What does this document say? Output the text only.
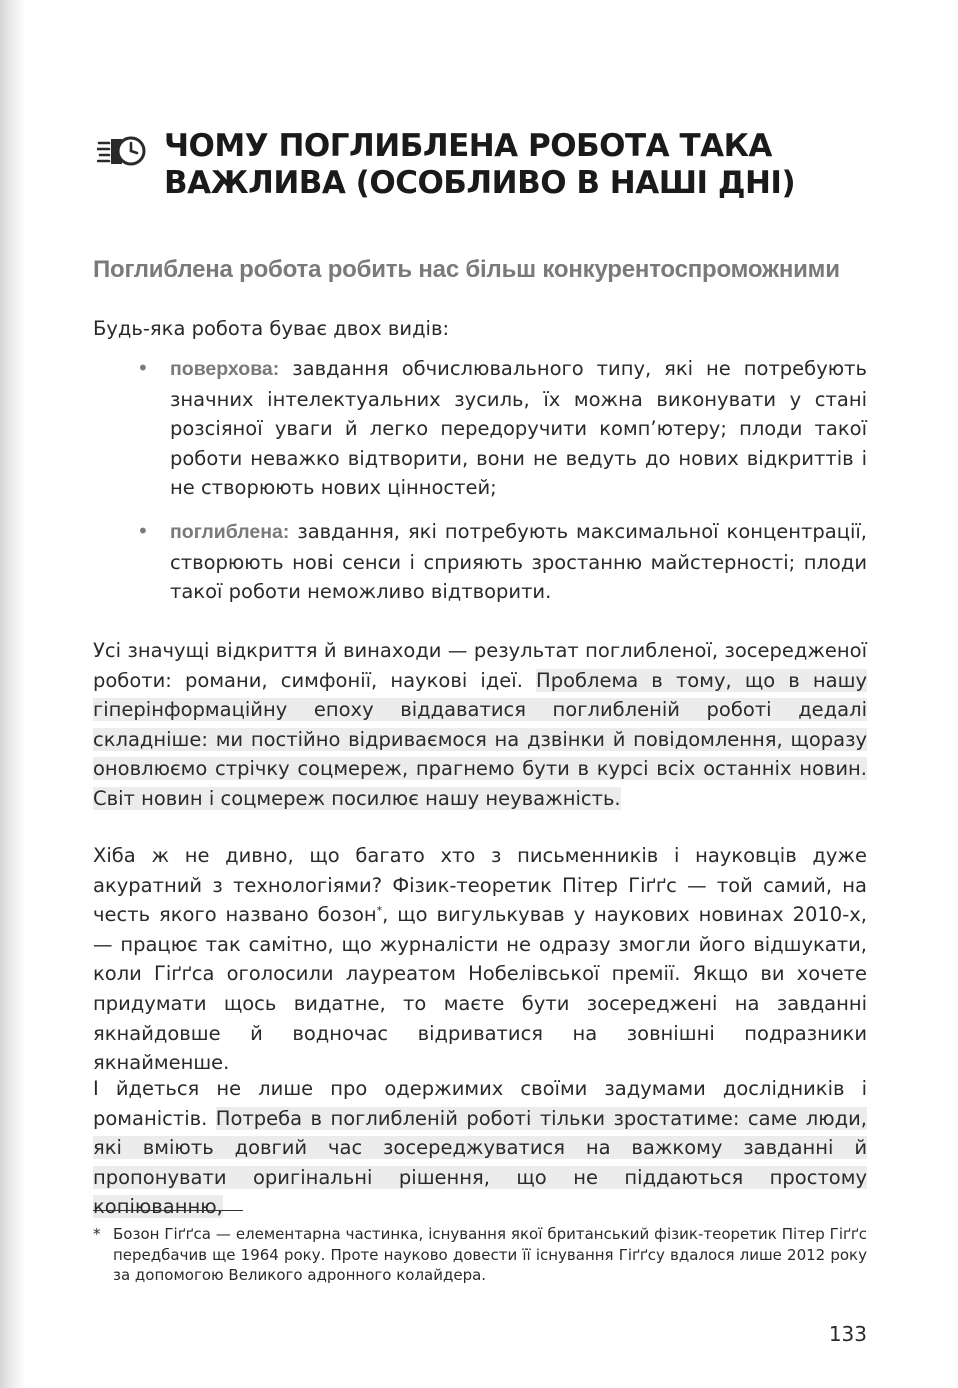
ЧОМУ ПОГЛИБЛЕНА РОБОТА ТАКА
ВАЖЛИВА (ОСОБЛИВО В НАШІ ДНІ)
Поглиблена робота робить нас більш конкурентоспроможними

Будь-яка робота буває двох видів:

• поверхова: завдання обчислювального типу, які не потребують значних інтелектуальних зусиль, їх можна виконувати у стані розсіяної уваги й легко передоручити комп’ютеру; плоди такої роботи неважко відтворити, вони не ведуть до нових відкриттів і не створюють нових цінностей;
• поглиблена: завдання, які потребують максимальної концентрації, створюють нові сенси і сприяють зростанню майстерності; плоди такої роботи неможливо відтворити.

Усі значущі відкриття й винаходи — результат поглибленої, зосередженої роботи: романи, симфонії, наукові ідеї. Проблема в тому, що в нашу гіперінформаційну епоху віддаватися поглибленій роботі дедалі складніше: ми постійно відриваємося на дзвінки й повідомлення, щоразу оновлюємо стрічку соцмереж, прагнемо бути в курсі всіх останніх новин. Світ новин і соцмереж посилює нашу неуважність.

Хіба ж не дивно, що багато хто з письменників і науковців дуже акуратний з технологіями? Фізик-теоретик Пітер Гіґґс — той самий, на честь якого названо бозон*, що вигулькував у наукових новинах 2010-х, — працює так самітно, що журналісти не одразу змогли його відшукати, коли Гіґґса оголосили лауреатом Нобелівської премії. Якщо ви хочете придумати щось видатне, то маєте бути зосереджені на завданні якнайдовше й водночас відриватися на зовнішні подразники якнайменше.

І йдеться не лише про одержимих своїми задумами дослідників і романістів. Потреба в поглибленій роботі тільки зростатиме: саме люди, які вміють довгий час зосереджуватися на важкому завданні й пропонувати оригінальні рішення, що не піддаються простому копіюванню,

* Бозон Гіґґса — елементарна частинка, існування якої британський фізик-теоретик Пітер Гіґґс передбачив ще 1964 року. Проте науково довести її існування Гіґґсу вдалося лише 2012 року за допомогою Великого адронного колайдера.
133
